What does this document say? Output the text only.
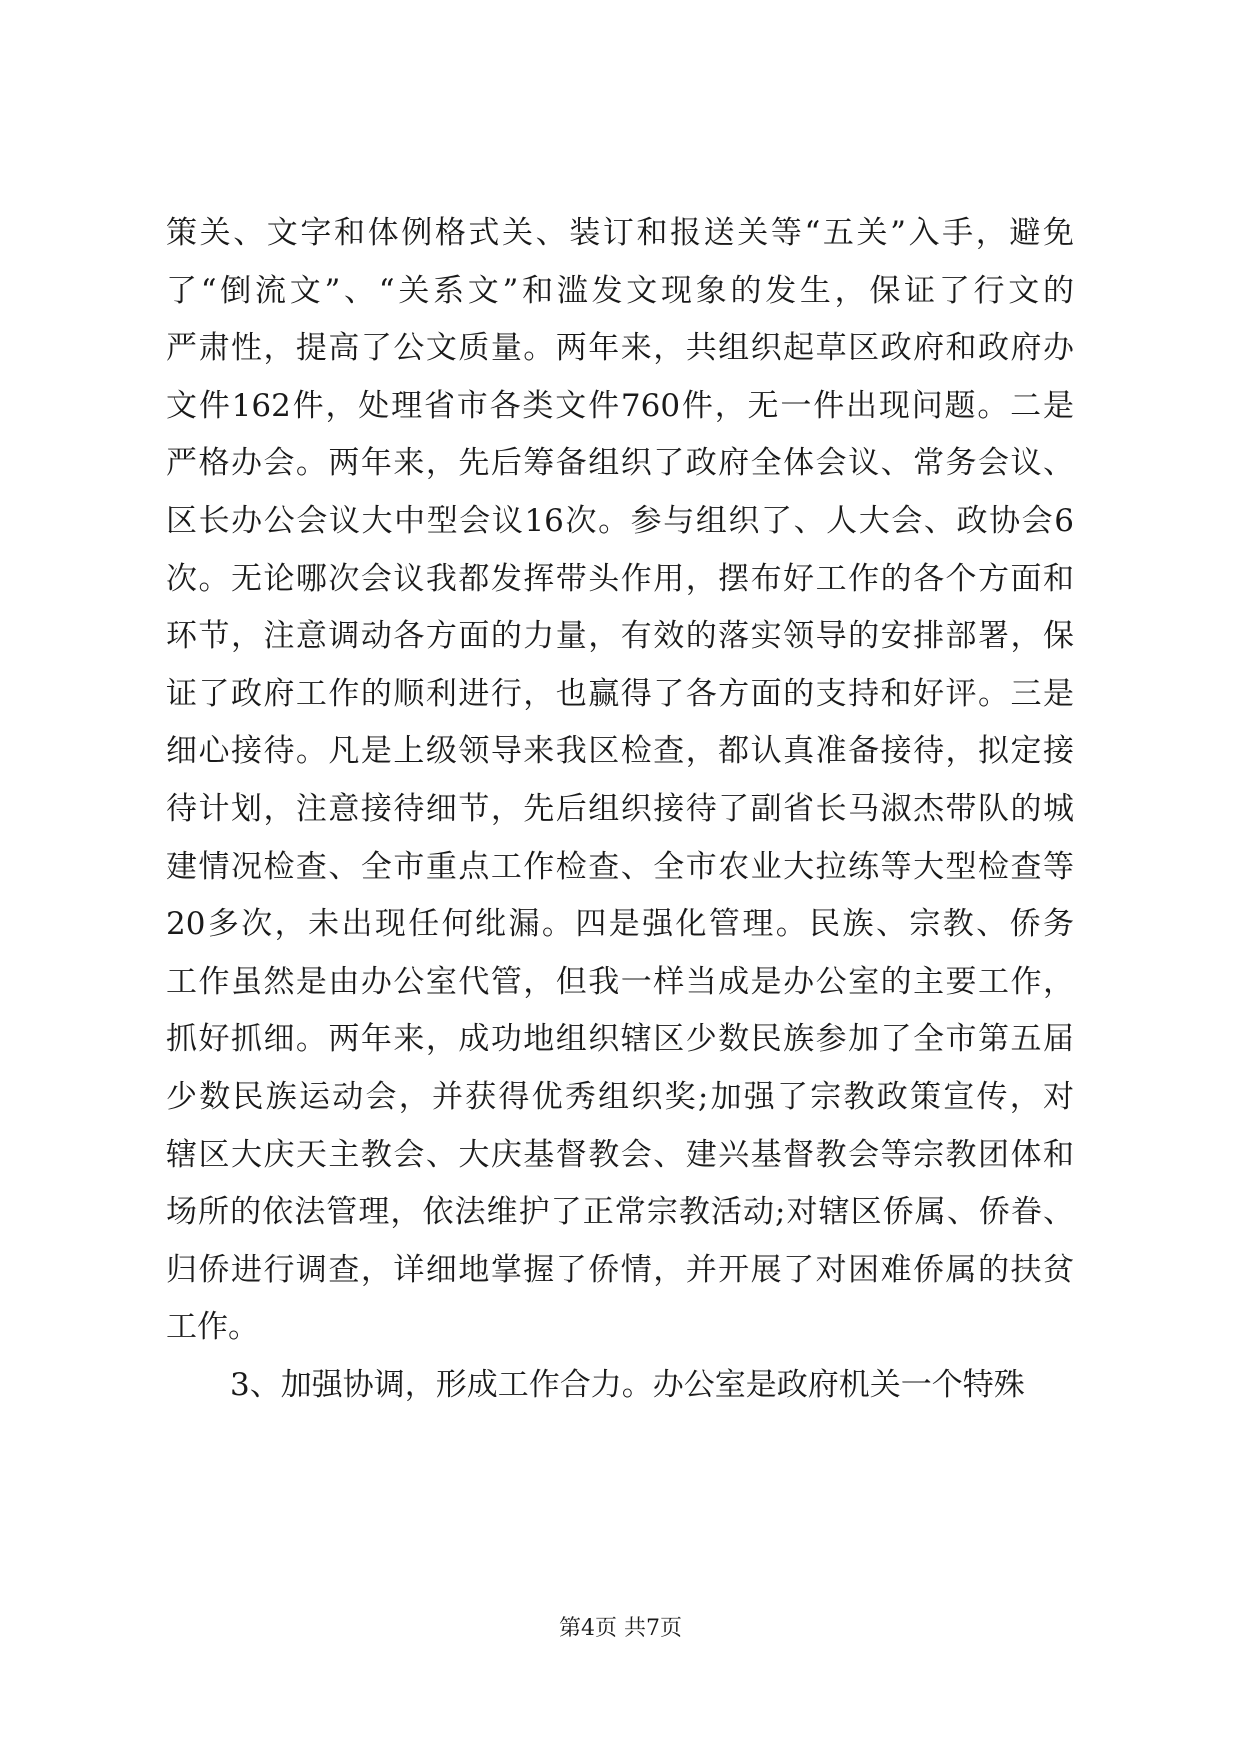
策关、文字和体例格式关、装订和报送关等“五关”入手，避免
了“倒流文”、“关系文”和滥发文现象的发生，保证了行文的
严肃性，提高了公文质量。两年来，共组织起草区政府和政府办
文件162件，处理省市各类文件760件，无一件出现问题。二是
严格办会。两年来，先后筹备组织了政府全体会议、常务会议、
区长办公会议大中型会议16次。参与组织了、人大会、政协会6
次。无论哪次会议我都发挥带头作用，摆布好工作的各个方面和
环节，注意调动各方面的力量，有效的落实领导的安排部署，保
证了政府工作的顺利进行，也赢得了各方面的支持和好评。三是
细心接待。凡是上级领导来我区检查，都认真准备接待，拟定接
待计划，注意接待细节，先后组织接待了副省长马淑杰带队的城
建情况检查、全市重点工作检查、全市农业大拉练等大型检查等
20多次，未出现任何纰漏。四是强化管理。民族、宗教、侨务
工作虽然是由办公室代管，但我一样当成是办公室的主要工作，
抓好抓细。两年来，成功地组织辖区少数民族参加了全市第五届
少数民族运动会，并获得优秀组织奖;加强了宗教政策宣传，对
辖区大庆天主教会、大庆基督教会、建兴基督教会等宗教团体和
场所的依法管理，依法维护了正常宗教活动;对辖区侨属、侨眷、
归侨进行调查，详细地掌握了侨情，并开展了对困难侨属的扶贫
工作。
3、加强协调，形成工作合力。办公室是政府机关一个特殊
第4页 共7页
